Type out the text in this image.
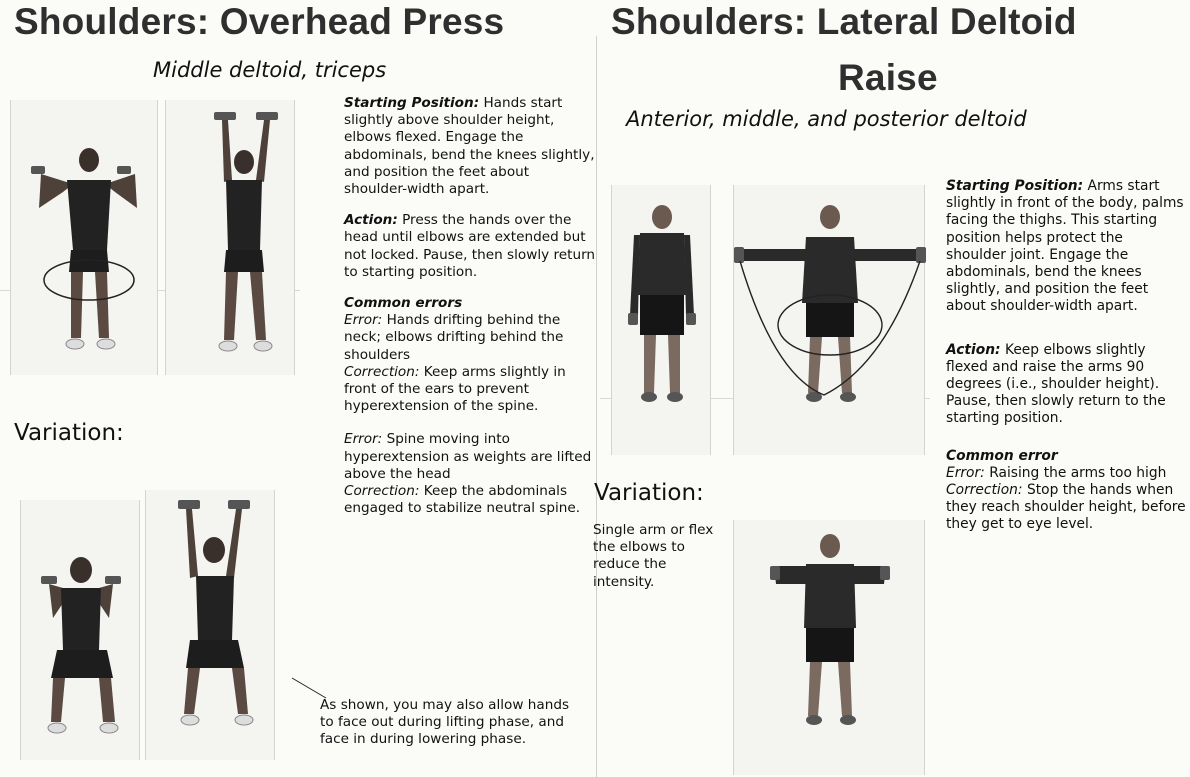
Shoulders: Overhead Press	Shoulders: Lateral Deltoid
Raise
Middle deltoid, triceps
Anterior, middle, and posterior deltoid

Variation:

Starting Position: Hands start slightly above shoulder height, elbows flexed. Engage the abdominals, bend the knees slightly, and position the feet about shoulder-width apart.

Action: Press the hands over the head until elbows are extended but not locked. Pause, then slowly return to starting position.

Common errors
Error: Hands drifting behind the neck; elbows drifting behind the shoulders
Correction: Keep arms slightly in front of the ears to prevent hyperextension of the spine.
Error: Spine moving into hyperextension as weights are lifted above the head
Correction: Keep the abdominals engaged to stabilize neutral spine.
As shown, you may also allow hands to face out during lifting phase, and face in during lowering phase.
Variation:
Single arm or flex the elbows to reduce the intensity.

Starting Position: Arms start slightly in front of the body, palms facing the thighs. This starting position helps protect the shoulder joint. Engage the abdominals, bend the knees slightly, and position the feet about shoulder-width apart.

Action: Keep elbows slightly flexed and raise the arms 90 degrees (i.e., shoulder height). Pause, then slowly return to the starting position.

Common error
Error: Raising the arms too high
Correction: Stop the hands when they reach shoulder height, before they get to eye level.
